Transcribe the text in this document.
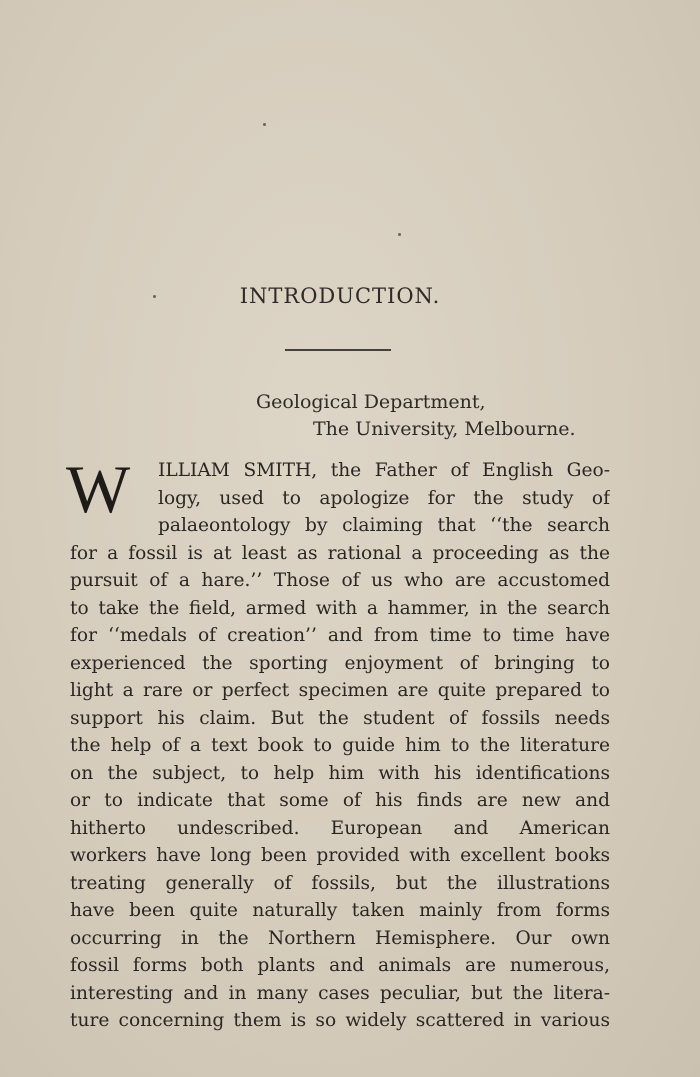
INTRODUCTION.
Geological Department,
The University, Melbourne.
W	ILLIAM SMITH, the Father of English Geo-
logy, used to apologize for the study of
palaeontology by claiming that ‘‘the search
for a fossil is at least as rational a proceeding as the
pursuit of a hare.’’ Those of us who are accustomed
to take the field, armed with a hammer, in the search
for ‘‘medals of creation’’ and from time to time have
experienced the sporting enjoyment of bringing to
light a rare or perfect specimen are quite prepared to
support his claim. But the student of fossils needs
the help of a text book to guide him to the literature
on the subject, to help him with his identifications
or to indicate that some of his finds are new and
hitherto undescribed. European and American
workers have long been provided with excellent books
treating generally of fossils, but the illustrations
have been quite naturally taken mainly from forms
occurring in the Northern Hemisphere. Our own
fossil forms both plants and animals are numerous,
interesting and in many cases peculiar, but the litera-
ture concerning them is so widely scattered in various
